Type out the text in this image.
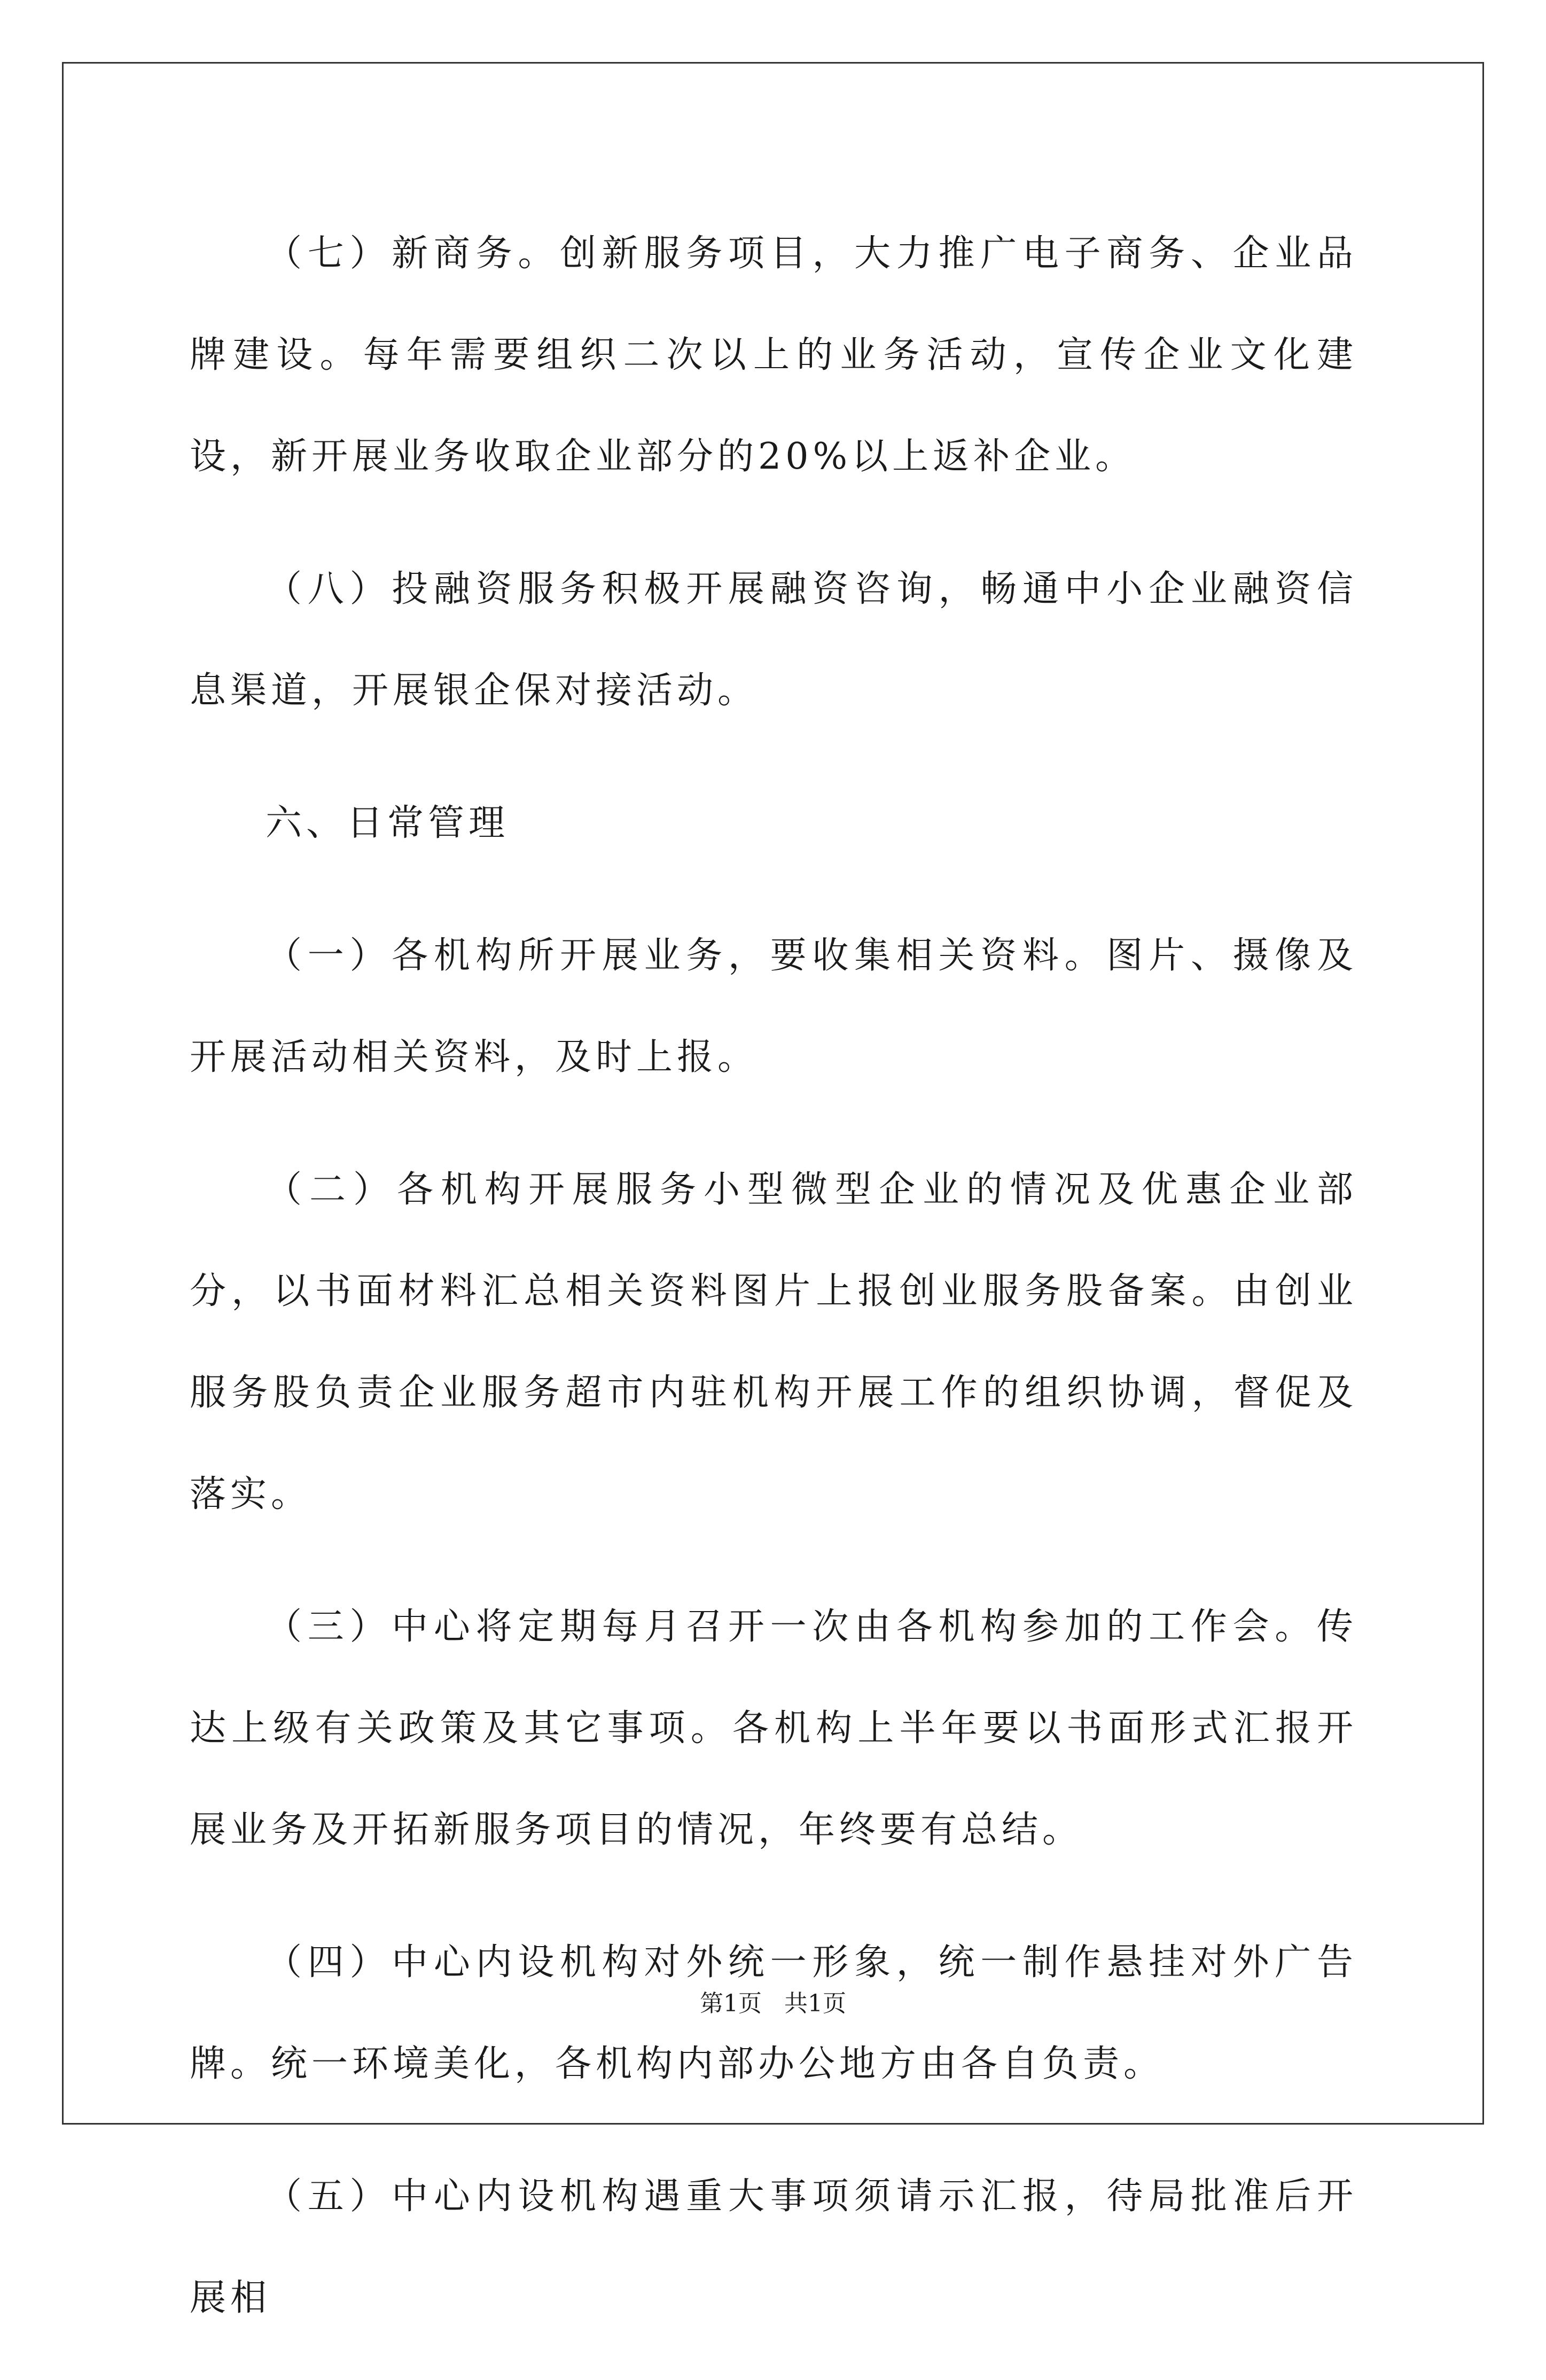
（七）新商务。创新服务项目，大力推广电子商务、企业品牌建设。每年需要组织二次以上的业务活动，宣传企业文化建设，新开展业务收取企业部分的20%以上返补企业。

（八）投融资服务积极开展融资咨询，畅通中小企业融资信息渠道，开展银企保对接活动。

六、日常管理

（一）各机构所开展业务，要收集相关资料。图片、摄像及开展活动相关资料，及时上报。

（二）各机构开展服务小型微型企业的情况及优惠企业部分，以书面材料汇总相关资料图片上报创业服务股备案。由创业服务股负责企业服务超市内驻机构开展工作的组织协调，督促及落实。

（三）中心将定期每月召开一次由各机构参加的工作会。传达上级有关政策及其它事项。各机构上半年要以书面形式汇报开展业务及开拓新服务项目的情况，年终要有总结。

（四）中心内设机构对外统一形象，统一制作悬挂对外广告牌。统一环境美化，各机构内部办公地方由各自负责。

（五）中心内设机构遇重大事项须请示汇报，待局批准后开展相

第1页 共1页
